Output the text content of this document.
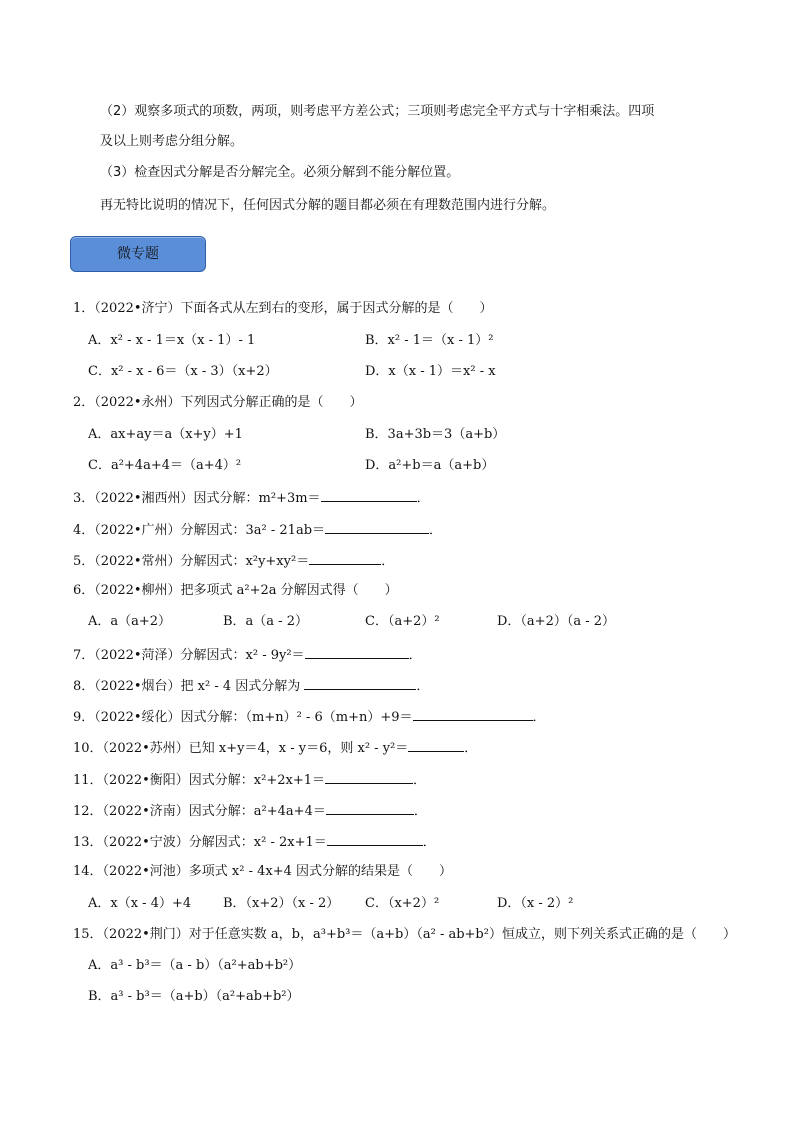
（2）观察多项式的项数，两项，则考虑平方差公式；三项则考虑完全平方式与十字相乘法。四项
及以上则考虑分组分解。
（3）检查因式分解是否分解完全。必须分解到不能分解位置。
再无特比说明的情况下，任何因式分解的题目都必须在有理数范围内进行分解。
微专题
1．（2022•济宁）下面各式从左到右的变形，属于因式分解的是（　　）
A．x² - x - 1＝x（x - 1）- 1	B．x² - 1＝（x - 1）²
C．x² - x - 6＝（x - 3）（x+2）	D．x（x - 1）＝x² - x
2．（2022•永州）下列因式分解正确的是（　　）
A．ax+ay＝a（x+y）+1	B．3a+3b＝3（a+b）
C．a²+4a+4＝（a+4）²	D．a²+b＝a（a+b）
3．（2022•湘西州）因式分解：m²+3m＝	．
4．（2022•广州）分解因式：3a² - 21ab＝	．
5．（2022•常州）分解因式：x²y+xy²＝	．
6．（2022•柳州）把多项式 a²+2a 分解因式得（　　）
A．a（a+2）	B．a（a - 2）	C．（a+2）²	D．（a+2）（a - 2）
7．（2022•菏泽）分解因式：x² - 9y²＝	．
8．（2022•烟台）把 x² - 4 因式分解为	．
9．（2022•绥化）因式分解：（m+n）² - 6（m+n）+9＝	．
10．（2022•苏州）已知 x+y＝4，x - y＝6，则 x² - y²＝	．
11．（2022•衡阳）因式分解：x²+2x+1＝	．
12．（2022•济南）因式分解：a²+4a+4＝	．
13．（2022•宁波）分解因式：x² - 2x+1＝	．
14．（2022•河池）多项式 x² - 4x+4 因式分解的结果是（　　）
A．x（x - 4）+4 B．（x+2）（x - 2） C．（x+2）²	D．（x - 2）²
15．（2022•荆门）对于任意实数 a，b，a³+b³＝（a+b）（a² - ab+b²）恒成立，则下列关系式正确的是（　　）
A．a³ - b³＝（a - b）（a²+ab+b²）
B．a³ - b³＝（a+b）（a²+ab+b²）
